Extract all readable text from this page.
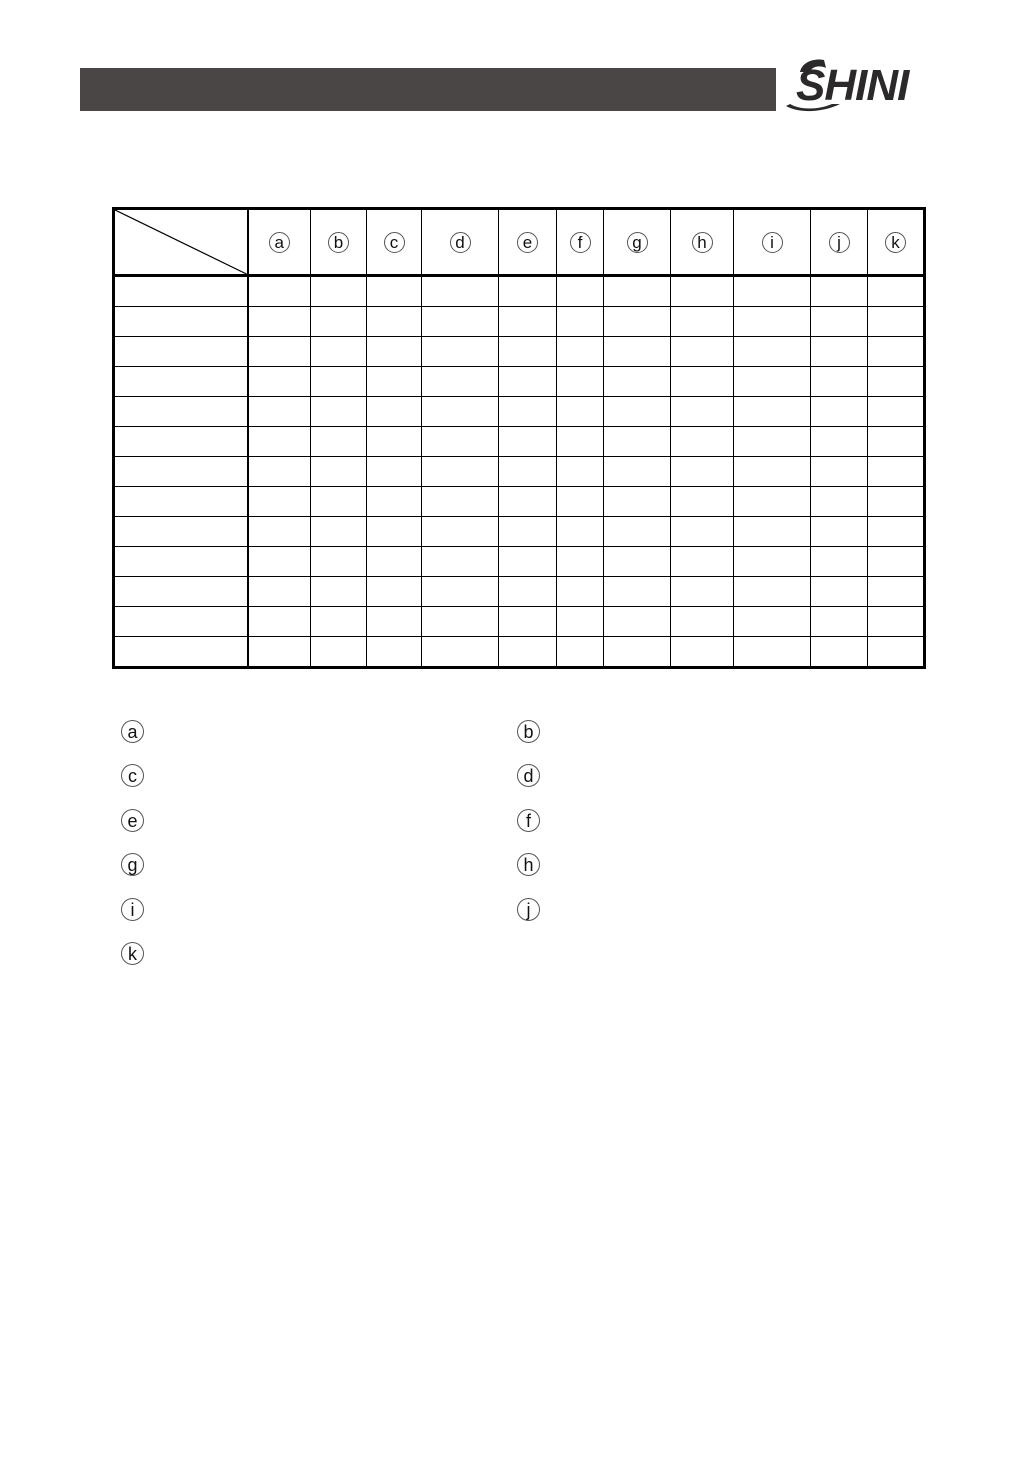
SHINI
	a	b	c	d	e	f	g	h	i	j	k

a	b
c	d
e	f
g	h
i	j
k
